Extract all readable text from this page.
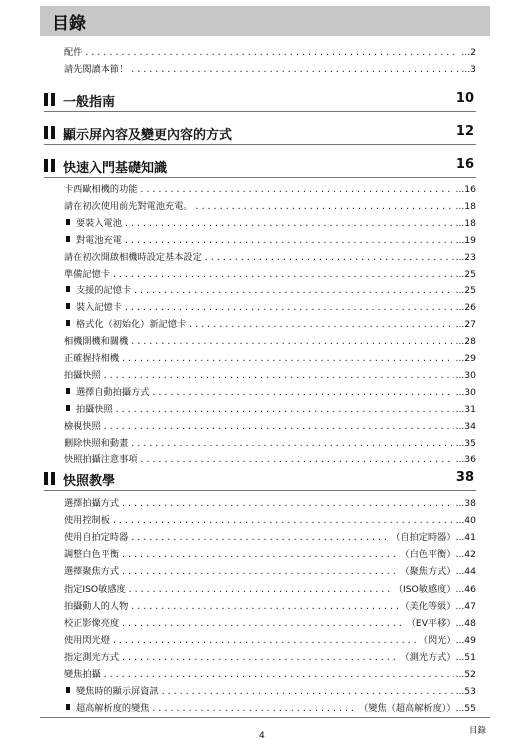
目錄
配件 .....	...2
請先閱讀本節！ .....	...3
一般指南	10
顯示屏內容及變更內容的方式	12
快速入門基礎知識	16
卡西歐相機的功能 .....	...16
請在初次使用前先對電池充電。 .....	...18
要裝入電池 .....	...18
對電池充電 .....	...19
請在初次開啟相機時設定基本設定 .....	...23
準備記憶卡 .....	...25
支援的記憶卡 .....	...25
裝入記憶卡 .....	...26
格式化（初始化）新記憶卡 .....	...27
相機開機和關機 .....	...28
正確握持相機 .....	...29
拍攝快照 .....	...30
選擇自動拍攝方式 .....	...30
拍攝快照 .....	...31
檢視快照 .....	...34
刪除快照和動畫 .....	...35
快照拍攝注意事項 .....	...36
快照教學	38
選擇拍攝方式 .....	...38
使用控制板 .....	...40
使用自拍定時器 .....	（自拍定時器）...41
調整白色平衡 .....	（白色平衡）...42
選擇聚焦方式 .....	（聚焦方式）...44
指定ISO敏感度 .....	（ISO敏感度）...46
拍攝動人的人物 .....	（美化等級）...47
校正影像亮度 .....	（EV平移）...48
使用閃光燈 .....	（閃光）...49
指定測光方式 .....	（測光方式）...51
變焦拍攝 .....	...52
變焦時的顯示屏資訊 .....	...53
超高解析度的變焦 .....	（變焦（超高解析度））...55
4	目錄
